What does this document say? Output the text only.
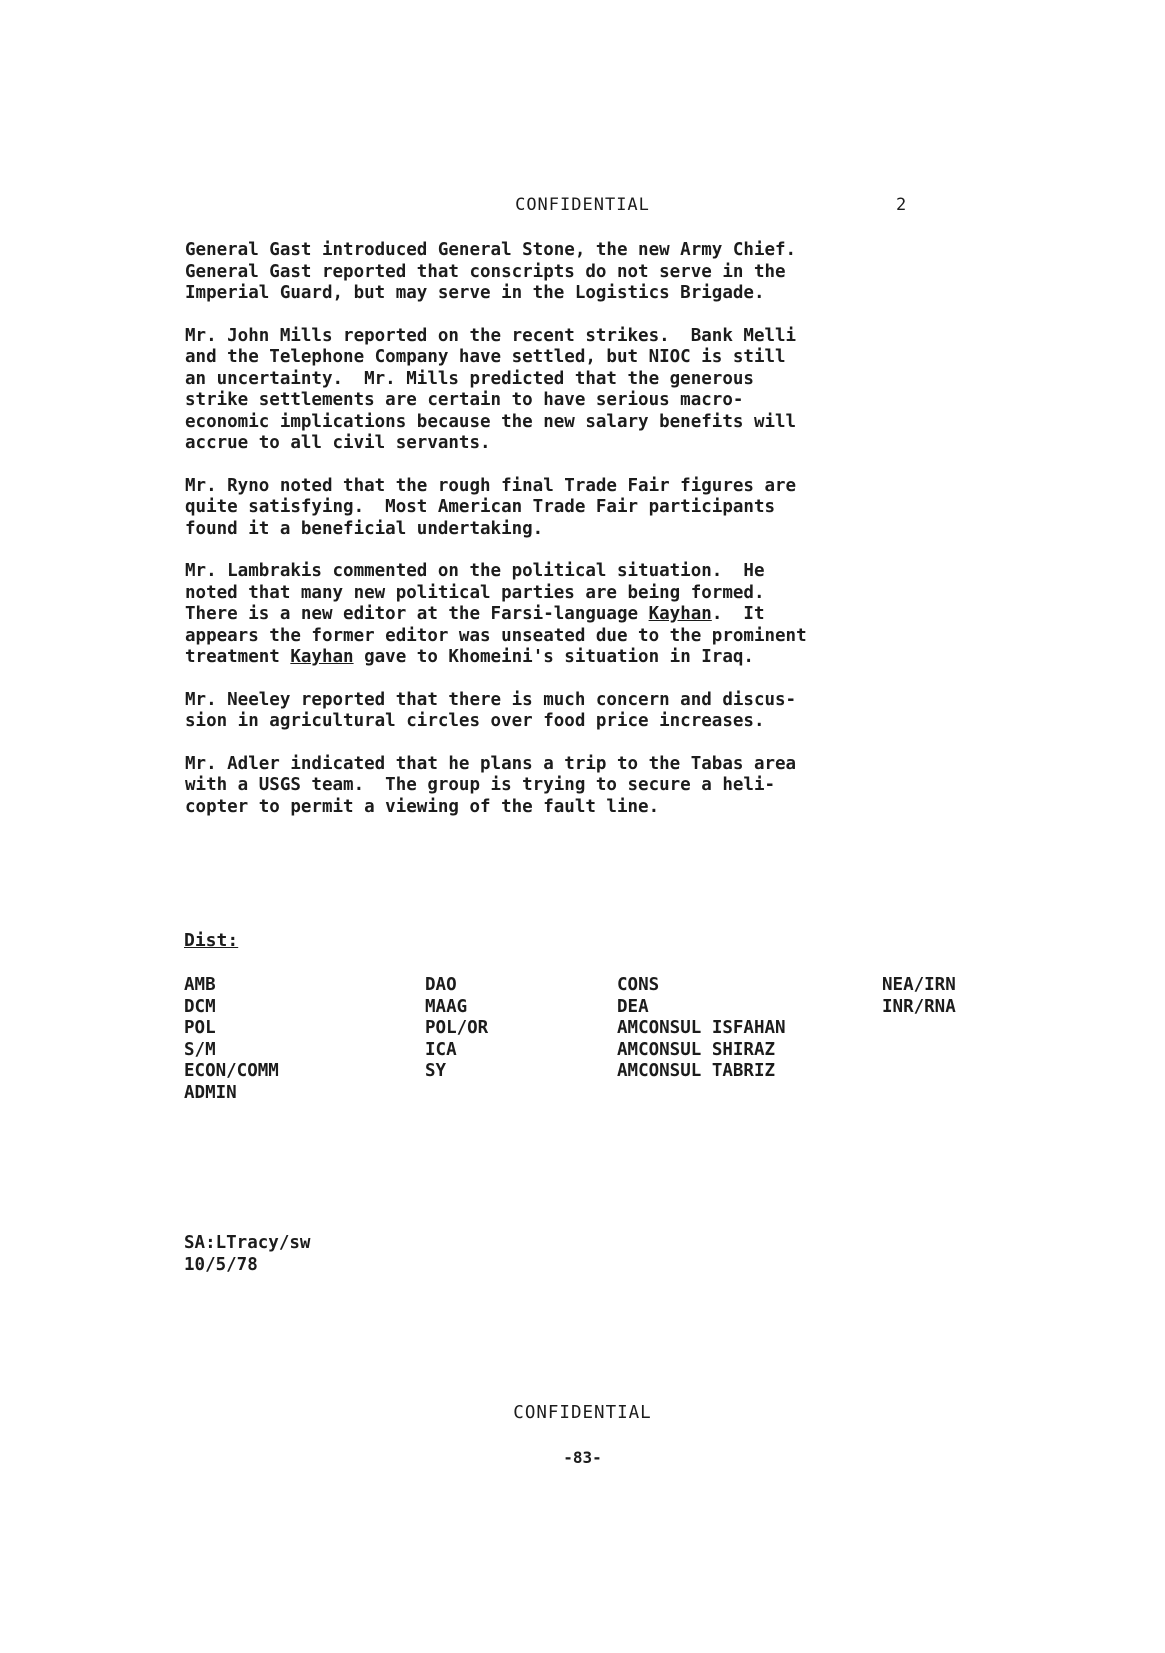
CONFIDENTIAL	2

General Gast introduced General Stone, the new Army Chief.
General Gast reported that conscripts do not serve in the
Imperial Guard, but may serve in the Logistics Brigade.

Mr. John Mills reported on the recent strikes.  Bank Melli
and the Telephone Company have settled, but NIOC is still
an uncertainty.  Mr. Mills predicted that the generous
strike settlements are certain to have serious macro-
economic implications because the new salary benefits will
accrue to all civil servants.

Mr. Ryno noted that the rough final Trade Fair figures are
quite satisfying.  Most American Trade Fair participants
found it a beneficial undertaking.

Mr. Lambrakis commented on the political situation.  He
noted that many new political parties are being formed.
There is a new editor at the Farsi-language Kayhan.  It
appears the former editor was unseated due to the prominent
treatment Kayhan gave to Khomeini's situation in Iraq.

Mr. Neeley reported that there is much concern and discus-
sion in agricultural circles over food price increases.

Mr. Adler indicated that he plans a trip to the Tabas area
with a USGS team.  The group is trying to secure a heli-
copter to permit a viewing of the fault line.

Dist:
AMB
DCM
POL
S/M
ECON/COMM
ADMIN
DAO
MAAG
POL/OR
ICA
SY
CONS
DEA
AMCONSUL ISFAHAN
AMCONSUL SHIRAZ
AMCONSUL TABRIZ
NEA/IRN
INR/RNA
SA:LTracy/sw
10/5/78
CONFIDENTIAL
-83-
